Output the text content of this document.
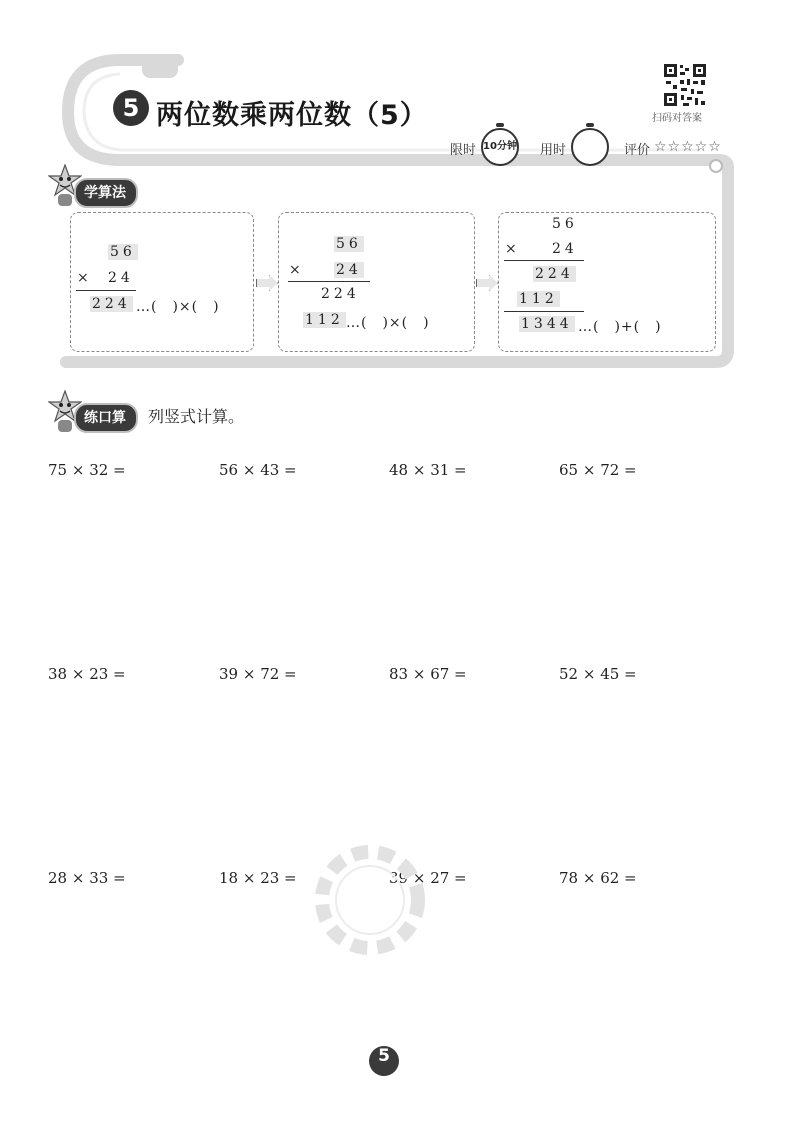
5 两位数乘两位数（5）	扫码对答案
限时 10分钟 用时	评价 ☆☆☆☆☆
学算法
56
× 24
224 …(　)×(　)
56
× 24
224
112 …(　)×(　)
56
× 24
224
112
1344 …(　)+(　)
练口算	列竖式计算。
75 × 32 =	56 × 43 =	48 × 31 =	65 × 72 =
38 × 23 =	39 × 72 =	83 × 67 =	52 × 45 =
28 × 33 =	18 × 23 =	39 × 27 =	78 × 62 =
5
